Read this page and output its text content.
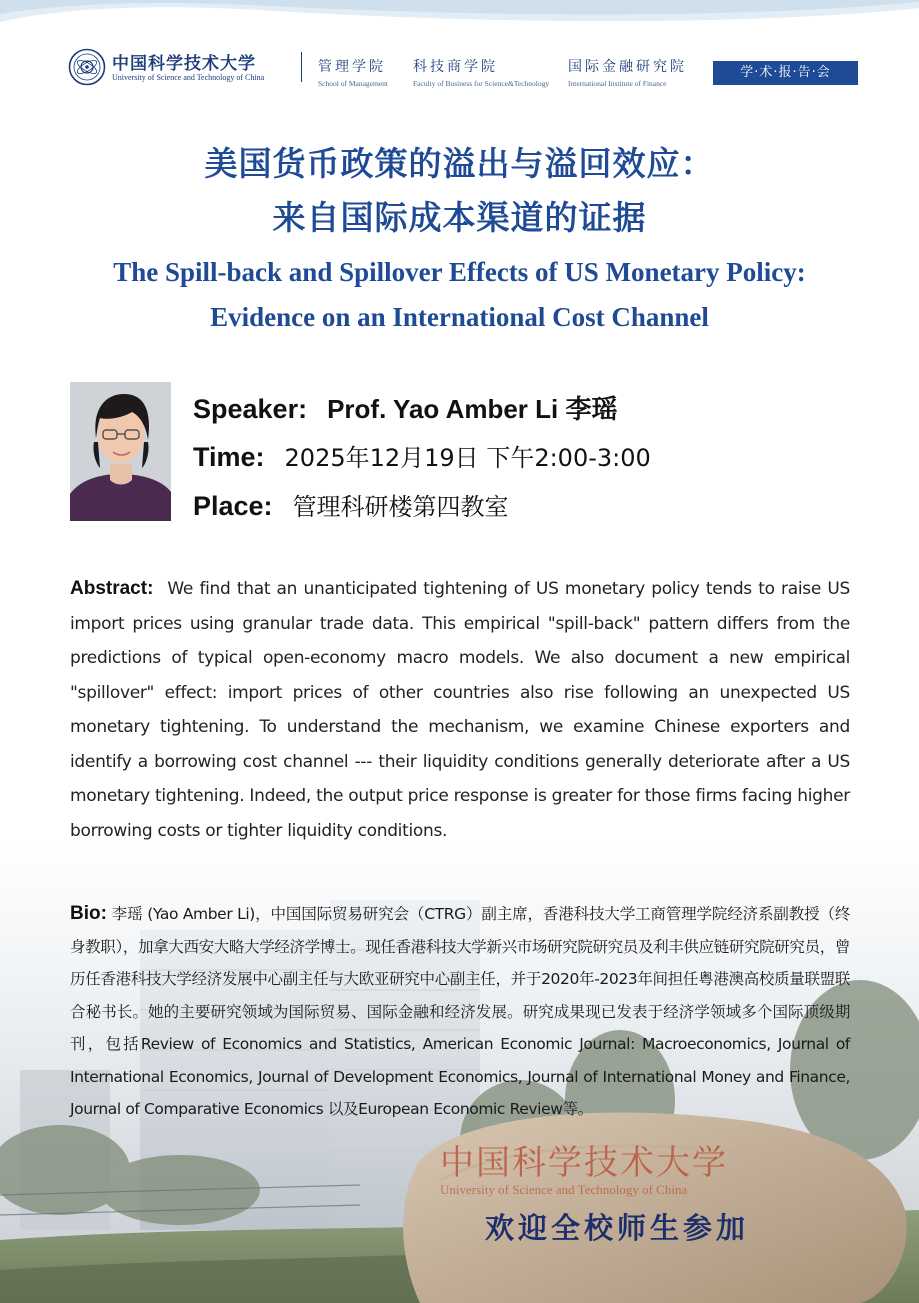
中国科学技术大学
University of Science and Technology of China
管理学院
School of Management
科技商学院
Faculty of Business for Science&Technology
国际金融研究院
International Institute of Finance
学·术·报·告·会
美国货币政策的溢出与溢回效应：
来自国际成本渠道的证据
The Spill-back and Spillover Effects of US Monetary Policy:
Evidence on an International Cost Channel
Speaker: Prof. Yao Amber Li 李瑶
Time: 2025年12月19日 下午2:00-3:00
Place: 管理科研楼第四教室
Abstract: We find that an unanticipated tightening of US monetary policy tends to raise US import prices using granular trade data. This empirical "spill-back" pattern differs from the predictions of typical open-economy macro models. We also document a new empirical "spillover" effect: import prices of other countries also rise following an unexpected US monetary tightening. To understand the mechanism, we examine Chinese exporters and identify a borrowing cost channel --- their liquidity conditions generally deteriorate after a US monetary tightening. Indeed, the output price response is greater for those firms facing higher borrowing costs or tighter liquidity conditions.
中国科学技术大学
University of Science and Technology of China
Bio: 李瑶 (Yao Amber Li)，中国国际贸易研究会（CTRG）副主席，香港科技大学工商管理学院经济系副教授（终身教职），加拿大西安大略大学经济学博士。现任香港科技大学新兴市场研究院研究员及利丰供应链研究院研究员，曾历任香港科技大学经济发展中心副主任与大欧亚研究中心副主任，并于2020年-2023年间担任粤港澳高校质量联盟联合秘书长。她的主要研究领域为国际贸易、国际金融和经济发展。研究成果现已发表于经济学领域多个国际顶级期刊，包括Review of Economics and Statistics, American Economic Journal: Macroeconomics, Journal of International Economics, Journal of Development Economics, Journal of International Money and Finance, Journal of Comparative Economics 以及European Economic Review等。
欢迎全校师生参加
